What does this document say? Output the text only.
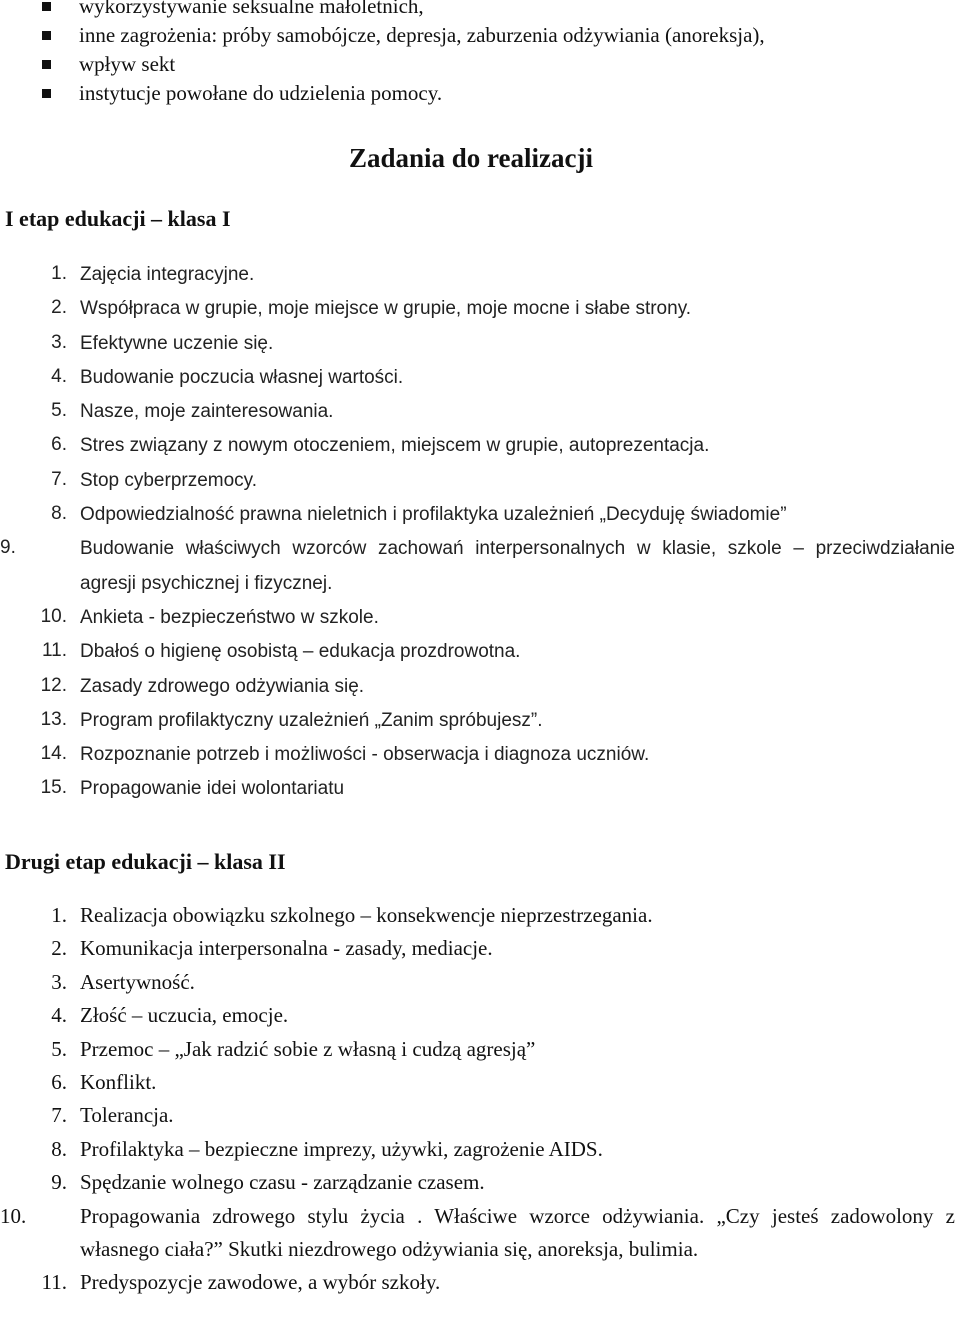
wykorzystywanie seksualne małoletnich,
inne zagrożenia: próby samobójcze, depresja, zaburzenia odżywiania (anoreksja),
wpływ sekt
instytucje powołane do udzielenia pomocy.
Zadania do realizacji
I etap edukacji – klasa I
1. Zajęcia integracyjne.
2. Współpraca w grupie, moje miejsce w grupie, moje mocne i słabe strony.
3. Efektywne uczenie się.
4. Budowanie poczucia własnej wartości.
5. Nasze, moje zainteresowania.
6. Stres związany z nowym otoczeniem, miejscem w grupie, autoprezentacja.
7. Stop cyberprzemocy.
8. Odpowiedzialność prawna nieletnich i profilaktyka uzależnień „Decyduję świadomie”
9.	Budowanie właściwych wzorców zachowań interpersonalnych w klasie, szkole – przeciwdziałanie agresji psychicznej i fizycznej.
10. Ankieta - bezpieczeństwo w szkole.
11. Dbałoś o higienę osobistą – edukacja prozdrowotna.
12. Zasady zdrowego odżywiania się.
13. Program profilaktyczny uzależnień „Zanim spróbujesz”.
14. Rozpoznanie potrzeb i możliwości - obserwacja i diagnoza uczniów.
15. Propagowanie idei wolontariatu
Drugi etap edukacji – klasa II
1. Realizacja obowiązku szkolnego – konsekwencje nieprzestrzegania.
2. Komunikacja interpersonalna - zasady, mediacje.
3. Asertywność.
4. Złość – uczucia, emocje.
5. Przemoc – „Jak radzić sobie z własną i cudzą agresją”
6. Konflikt.
7. Tolerancja.
8. Profilaktyka – bezpieczne imprezy, używki, zagrożenie AIDS.
9. Spędzanie wolnego czasu - zarządzanie czasem.
10.	Propagowania zdrowego stylu życia . Właściwe wzorce odżywiania. „Czy jesteś zadowolony z własnego ciała?” Skutki niezdrowego odżywiania się, anoreksja, bulimia.
11. Predyspozycje zawodowe, a wybór szkoły.
